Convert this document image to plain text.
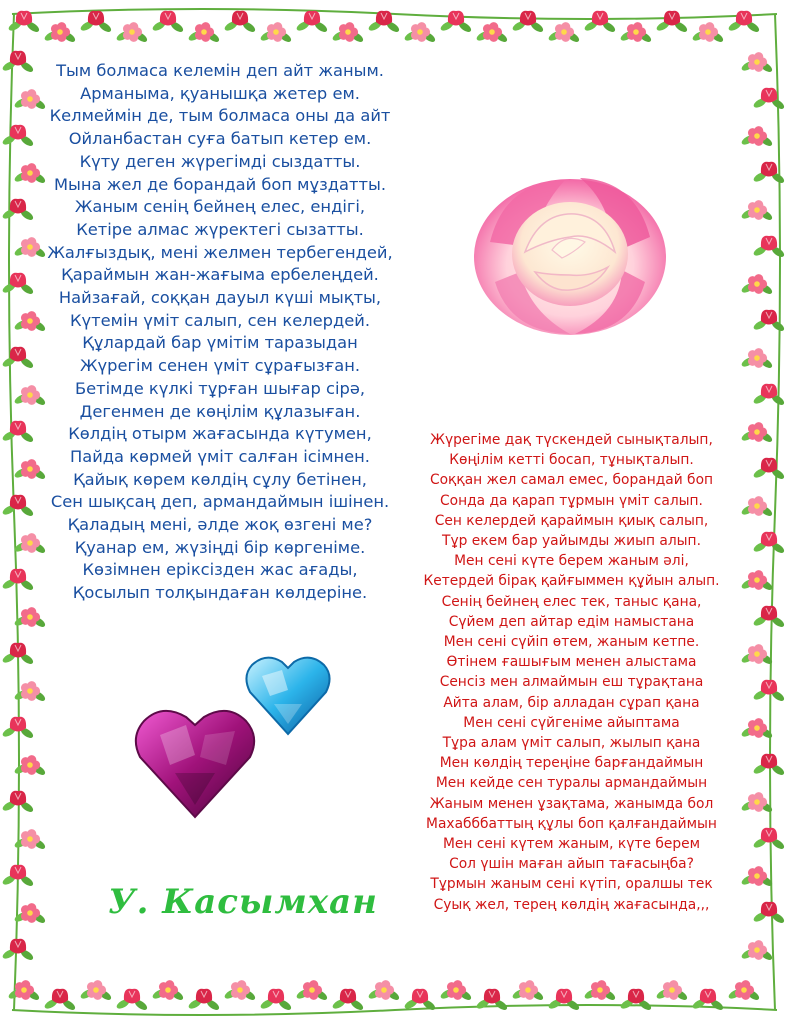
Тым болмаса келемін деп айт жаным.
Арманыма, қуанышқа жетер ем.
Келмеймін де, тым болмаса оны да айт
Ойланбастан суға батып кетер ем.
Күту деген жүрегімді сыздатты.
Мына жел де борандай боп мұздатты.
Жаным сенің бейнең елес, ендігі,
Кетіре алмас жүректегі сызатты.
Жалғыздық, мені желмен тербегендей,
Қараймын жан-жағыма ербелеңдей.
Найзағай, соққан дауыл күші мықты,
Күтемін үміт салып, сен келердей.
Құлардай бар үмітім таразыдан
Жүрегім сенен үміт сұрағызған.
Бетімде күлкі тұрған шығар сірә,
Дегенмен де көңілім құлазыған.
Көлдің отырм жағасында күтумен,
Пайда көрмей үміт салған ісімнен.
Қайық көрем көлдің сұлу бетінен,
Сен шықсаң деп, армандаймын ішінен.
Қаладың мені, әлде жоқ өзгені ме?
Қуанар ем, жүзіңді бір көргеніме.
Көзімнен еріксізден жас ағады,
Қосылып толқындаған көлдеріне.
Жүрегіме дақ түскендей сынықталып,
Көңілім кетті босап, тұнықталып.
Соққан жел самал емес, борандай боп
Сонда да қарап тұрмын үміт салып.
Сен келердей қараймын қиық салып,
Тұр екем бар уайымды жиып алып.
Мен сені күте берем жаным әлі,
Кетердей бірақ қайғыммен құйын алып.
Сенің бейнең елес тек, таныс қана,
Сүйем деп айтар едім намыстана
Мен сені сүйіп өтем, жаным кетпе.
Өтінем ғашығым менен алыстама
Сенсіз мен алмаймын еш тұрақтана
Айта алам, бір алладан сұрап қана
Мен сені сүйгеніме айыптама
Тұра алам үміт салып, жылып қана
Мен көлдің тереңіне барғандаймын
Мен кейде сен туралы армандаймын
Жаным менен ұзақтама, жанымда бол
Махабббаттың құлы боп қалғандаймын
Мен сені күтем жаным, күте берем
Сол үшін маған айып тағасыңба?
Тұрмын жаным сені күтіп, оралшы тек
Суық жел, терең көлдің жағасында,,,
У. Касымхан
